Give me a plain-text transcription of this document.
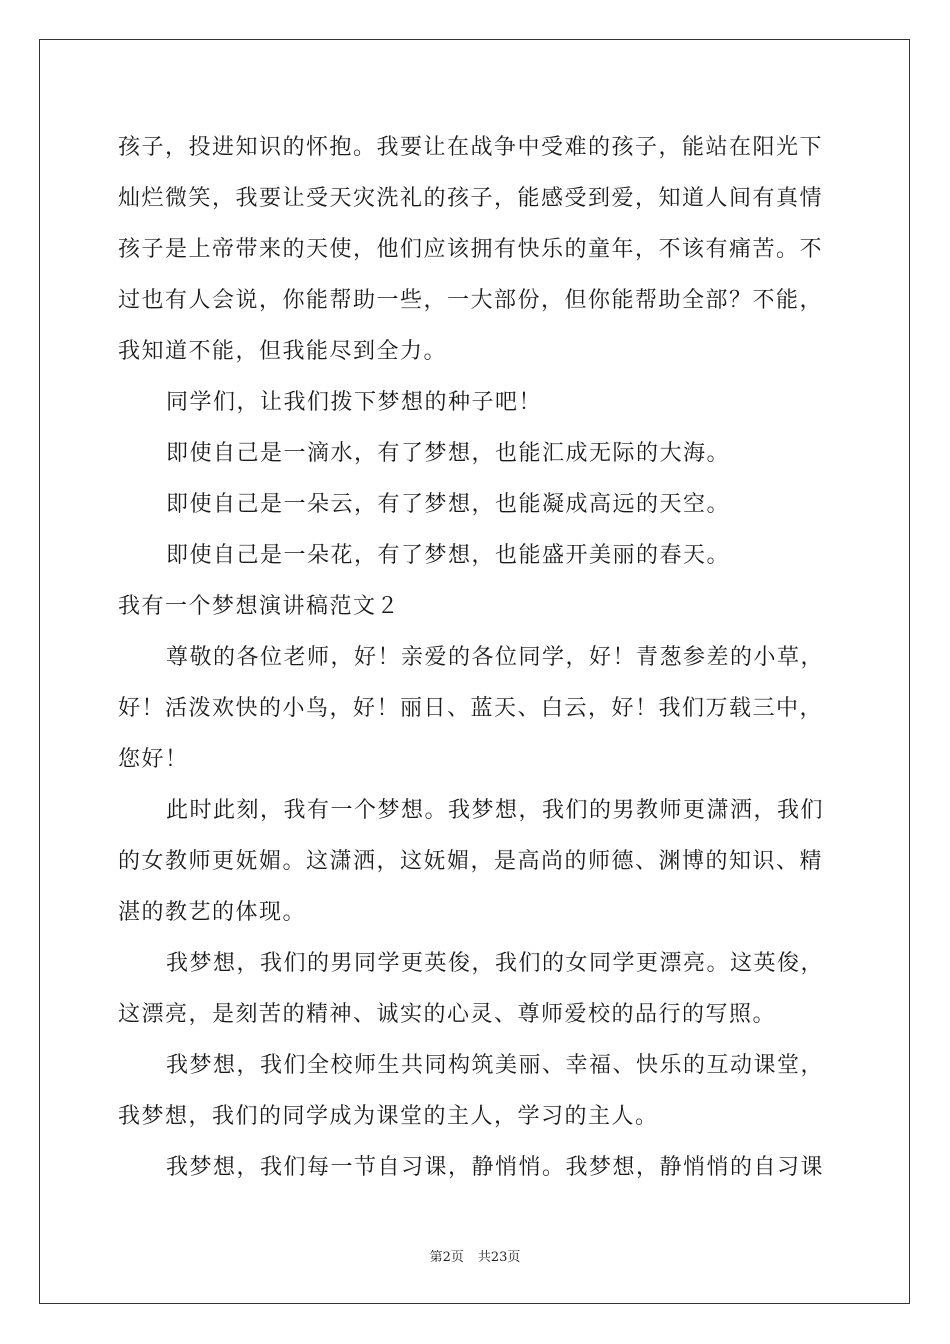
孩子，投进知识的怀抱。我要让在战争中受难的孩子，能站在阳光下
灿烂微笑，我要让受天灾洗礼的孩子，能感受到爱，知道人间有真情
孩子是上帝带来的天使，他们应该拥有快乐的童年，不该有痛苦。不
过也有人会说，你能帮助一些，一大部份，但你能帮助全部？不能，
我知道不能，但我能尽到全力。
同学们，让我们拨下梦想的种子吧！
即使自己是一滴水，有了梦想，也能汇成无际的大海。
即使自己是一朵云，有了梦想，也能凝成高远的天空。
即使自己是一朵花，有了梦想，也能盛开美丽的春天。
我有一个梦想演讲稿范文２
尊敬的各位老师，好！亲爱的各位同学，好！青葱参差的小草，
好！活泼欢快的小鸟，好！丽日、蓝天、白云，好！我们万载三中，
您好！
此时此刻，我有一个梦想。我梦想，我们的男教师更潇洒，我们
的女教师更妩媚。这潇洒，这妩媚，是高尚的师德、渊博的知识、精
湛的教艺的体现。
我梦想，我们的男同学更英俊，我们的女同学更漂亮。这英俊，
这漂亮，是刻苦的精神、诚实的心灵、尊师爱校的品行的写照。
我梦想，我们全校师生共同构筑美丽、幸福、快乐的互动课堂，
我梦想，我们的同学成为课堂的主人，学习的主人。
我梦想，我们每一节自习课，静悄悄。我梦想，静悄悄的自习课
第2页 共23页
